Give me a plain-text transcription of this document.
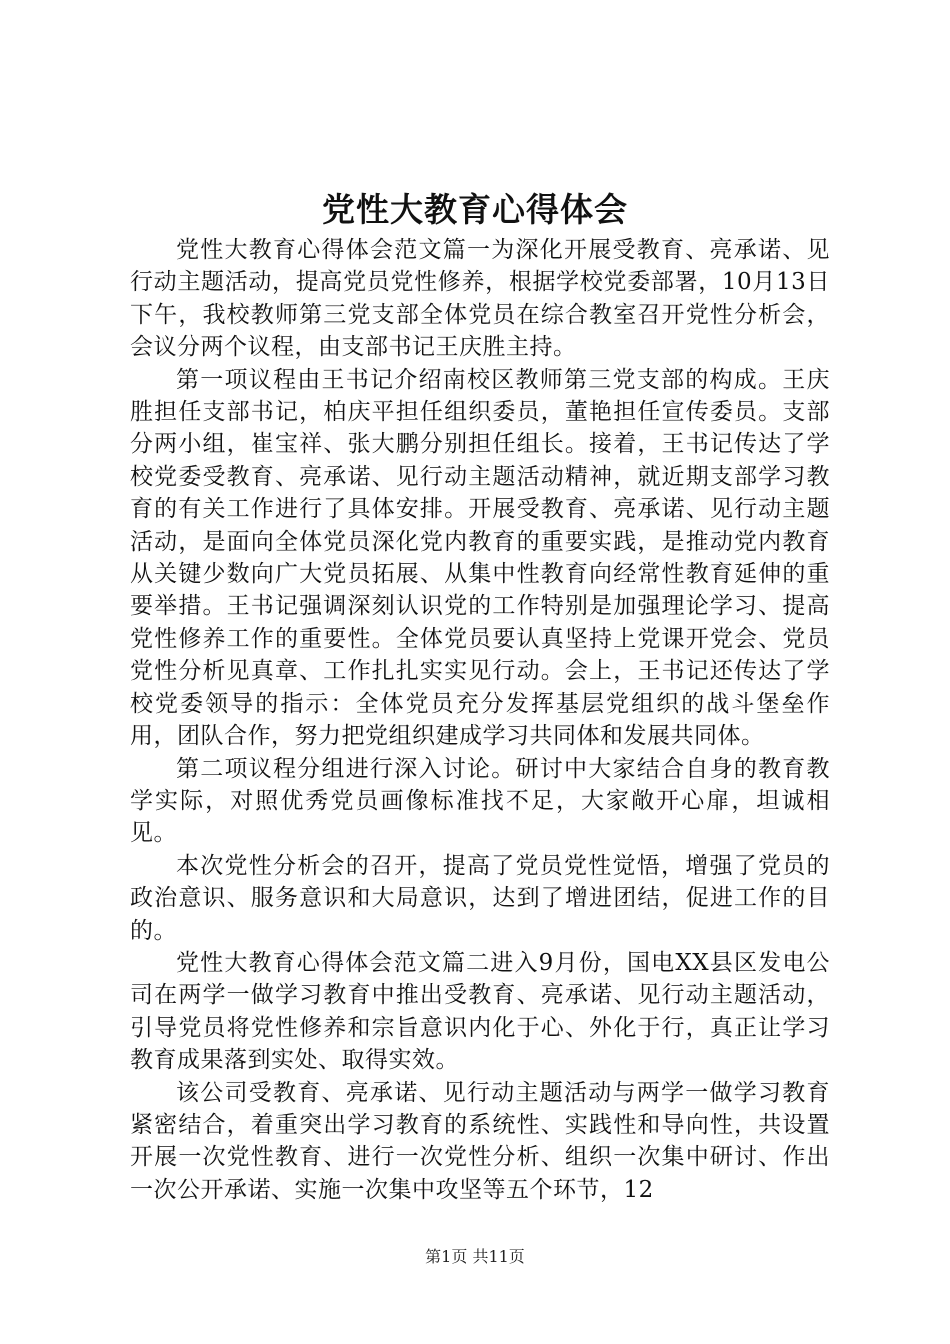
党性大教育心得体会

党性大教育心得体会范文篇一为深化开展受教育、亮承诺、见行动主题活动，提高党员党性修养，根据学校党委部署，10月13日下午，我校教师第三党支部全体党员在综合教室召开党性分析会，会议分两个议程，由支部书记王庆胜主持。

第一项议程由王书记介绍南校区教师第三党支部的构成。王庆胜担任支部书记，柏庆平担任组织委员，董艳担任宣传委员。支部分两小组，崔宝祥、张大鹏分别担任组长。接着，王书记传达了学校党委受教育、亮承诺、见行动主题活动精神，就近期支部学习教育的有关工作进行了具体安排。开展受教育、亮承诺、见行动主题活动，是面向全体党员深化党内教育的重要实践，是推动党内教育从关键少数向广大党员拓展、从集中性教育向经常性教育延伸的重要举措。王书记强调深刻认识党的工作特别是加强理论学习、提高党性修养工作的重要性。全体党员要认真坚持上党课开党会、党员党性分析见真章、工作扎扎实实见行动。会上，王书记还传达了学校党委领导的指示：全体党员充分发挥基层党组织的战斗堡垒作用，团队合作，努力把党组织建成学习共同体和发展共同体。

第二项议程分组进行深入讨论。研讨中大家结合自身的教育教学实际，对照优秀党员画像标准找不足，大家敞开心扉，坦诚相见。

本次党性分析会的召开，提高了党员党性觉悟，增强了党员的政治意识、服务意识和大局意识，达到了增进团结，促进工作的目的。

党性大教育心得体会范文篇二进入9月份，国电XX县区发电公司在两学一做学习教育中推出受教育、亮承诺、见行动主题活动，引导党员将党性修养和宗旨意识内化于心、外化于行，真正让学习教育成果落到实处、取得实效。

该公司受教育、亮承诺、见行动主题活动与两学一做学习教育紧密结合，着重突出学习教育的系统性、实践性和导向性，共设置开展一次党性教育、进行一次党性分析、组织一次集中研讨、作出一次公开承诺、实施一次集中攻坚等五个环节，12

第1页 共11页
